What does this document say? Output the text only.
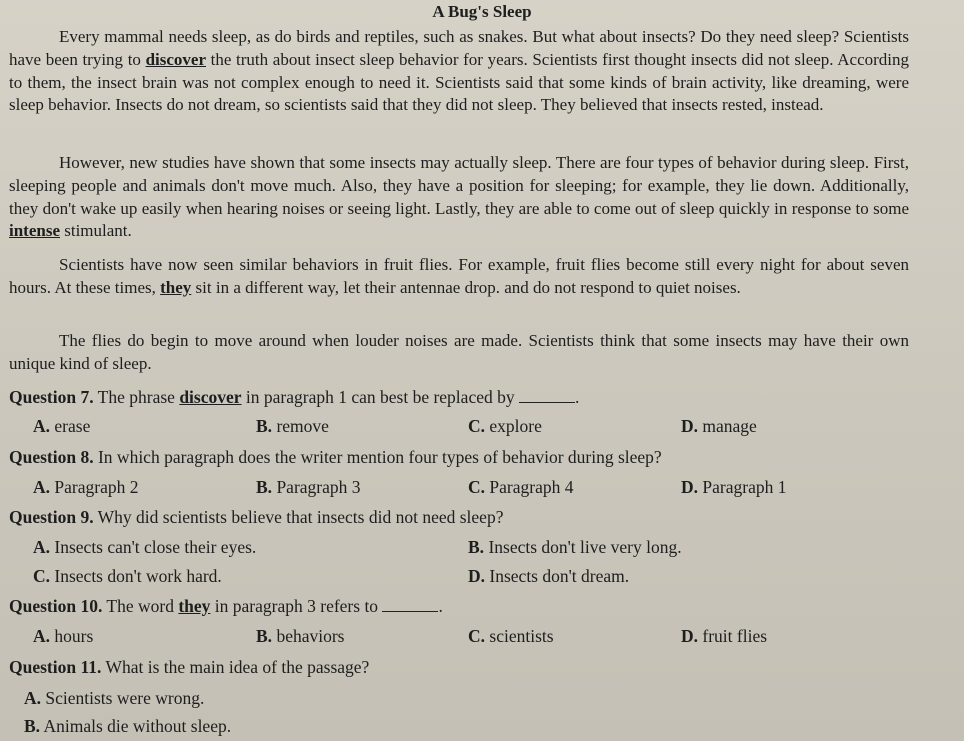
A Bug's Sleep

Every mammal needs sleep, as do birds and reptiles, such as snakes. But what about insects? Do they need sleep? Scientists have been trying to discover the truth about insect sleep behavior for years. Scientists first thought insects did not sleep. According to them, the insect brain was not complex enough to need it. Scientists said that some kinds of brain activity, like dreaming, were sleep behavior. Insects do not dream, so scientists said that they did not sleep. They believed that insects rested, instead.

However, new studies have shown that some insects may actually sleep. There are four types of behavior during sleep. First, sleeping people and animals don't move much. Also, they have a position for sleeping; for example, they lie down. Additionally, they don't wake up easily when hearing noises or seeing light. Lastly, they are able to come out of sleep quickly in response to some intense stimulant.

Scientists have now seen similar behaviors in fruit flies. For example, fruit flies become still every night for about seven hours. At these times, they sit in a different way, let their antennae drop. and do not respond to quiet noises.

The flies do begin to move around when louder noises are made. Scientists think that some insects may have their own unique kind of sleep.

Question 7. The phrase discover in paragraph 1 can best be replaced by	.
A. erase	B. remove	C. explore	D. manage
Question 8. In which paragraph does the writer mention four types of behavior during sleep?
A. Paragraph 2	B. Paragraph 3	C. Paragraph 4	D. Paragraph 1
Question 9. Why did scientists believe that insects did not need sleep?
A. Insects can't close their eyes.	B. Insects don't live very long.
C. Insects don't work hard.	D. Insects don't dream.
Question 10. The word they in paragraph 3 refers to	.
A. hours	B. behaviors	C. scientists	D. fruit flies
Question 11. What is the main idea of the passage?
A. Scientists were wrong.
B. Animals die without sleep.
